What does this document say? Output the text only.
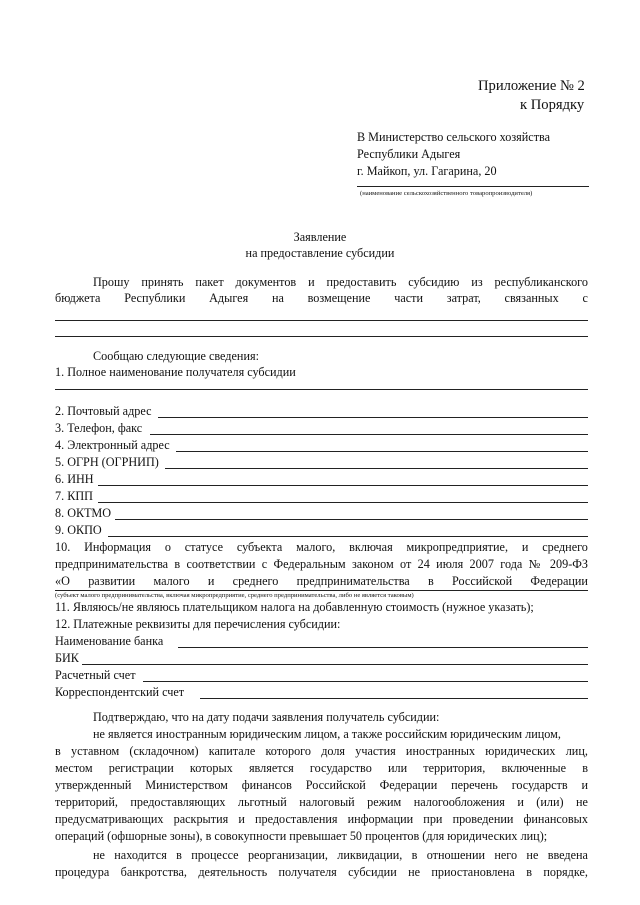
Приложение № 2
к Порядку
В Министерство сельского хозяйства
Республики Адыгея
г. Майкоп, ул. Гагарина, 20
(наименование сельскохозяйственного товаропроизводителя)
Заявление
на предоставление субсидии
Прошу принять пакет документов и предоставить субсидию из республиканского
бюджета Республики Адыгея на возмещение части затрат, связанных с
Сообщаю следующие сведения:
1. Полное наименование получателя субсидии
2. Почтовый адрес
3. Телефон, факс
4. Электронный адрес
5. ОГРН (ОГРНИП)
6. ИНН
7. КПП
8. ОКТМО
9. ОКПО
10. Информация о статусе субъекта малого, включая микропредприятие, и среднего
предпринимательства в соответствии с Федеральным законом от 24 июля 2007 года № 209-ФЗ
«О развитии малого и среднего предпринимательства в Российской Федерации
(субъект малого предпринимательства, включая микропредприятие, среднего предпринимательства, либо не является таковым)
11. Являюсь/не являюсь плательщиком налога на добавленную стоимость (нужное указать);
12. Платежные реквизиты для перечисления субсидии:
Наименование банка
БИК
Расчетный счет
Корреспондентский счет
Подтверждаю, что на дату подачи заявления получатель субсидии:
не является иностранным юридическим лицом, а также российским юридическим лицом,
в уставном (складочном) капитале которого доля участия иностранных юридических лиц,
местом регистрации которых является государство или территория, включенные в
утвержденный Министерством финансов Российской Федерации перечень государств и
территорий, предоставляющих льготный налоговый режим налогообложения и (или) не
предусматривающих раскрытия и предоставления информации при проведении финансовых
операций (офшорные зоны), в совокупности превышает 50 процентов (для юридических лиц);
не находится в процессе реорганизации, ликвидации, в отношении него не введена
процедура банкротства, деятельность получателя субсидии не приостановлена в порядке,
